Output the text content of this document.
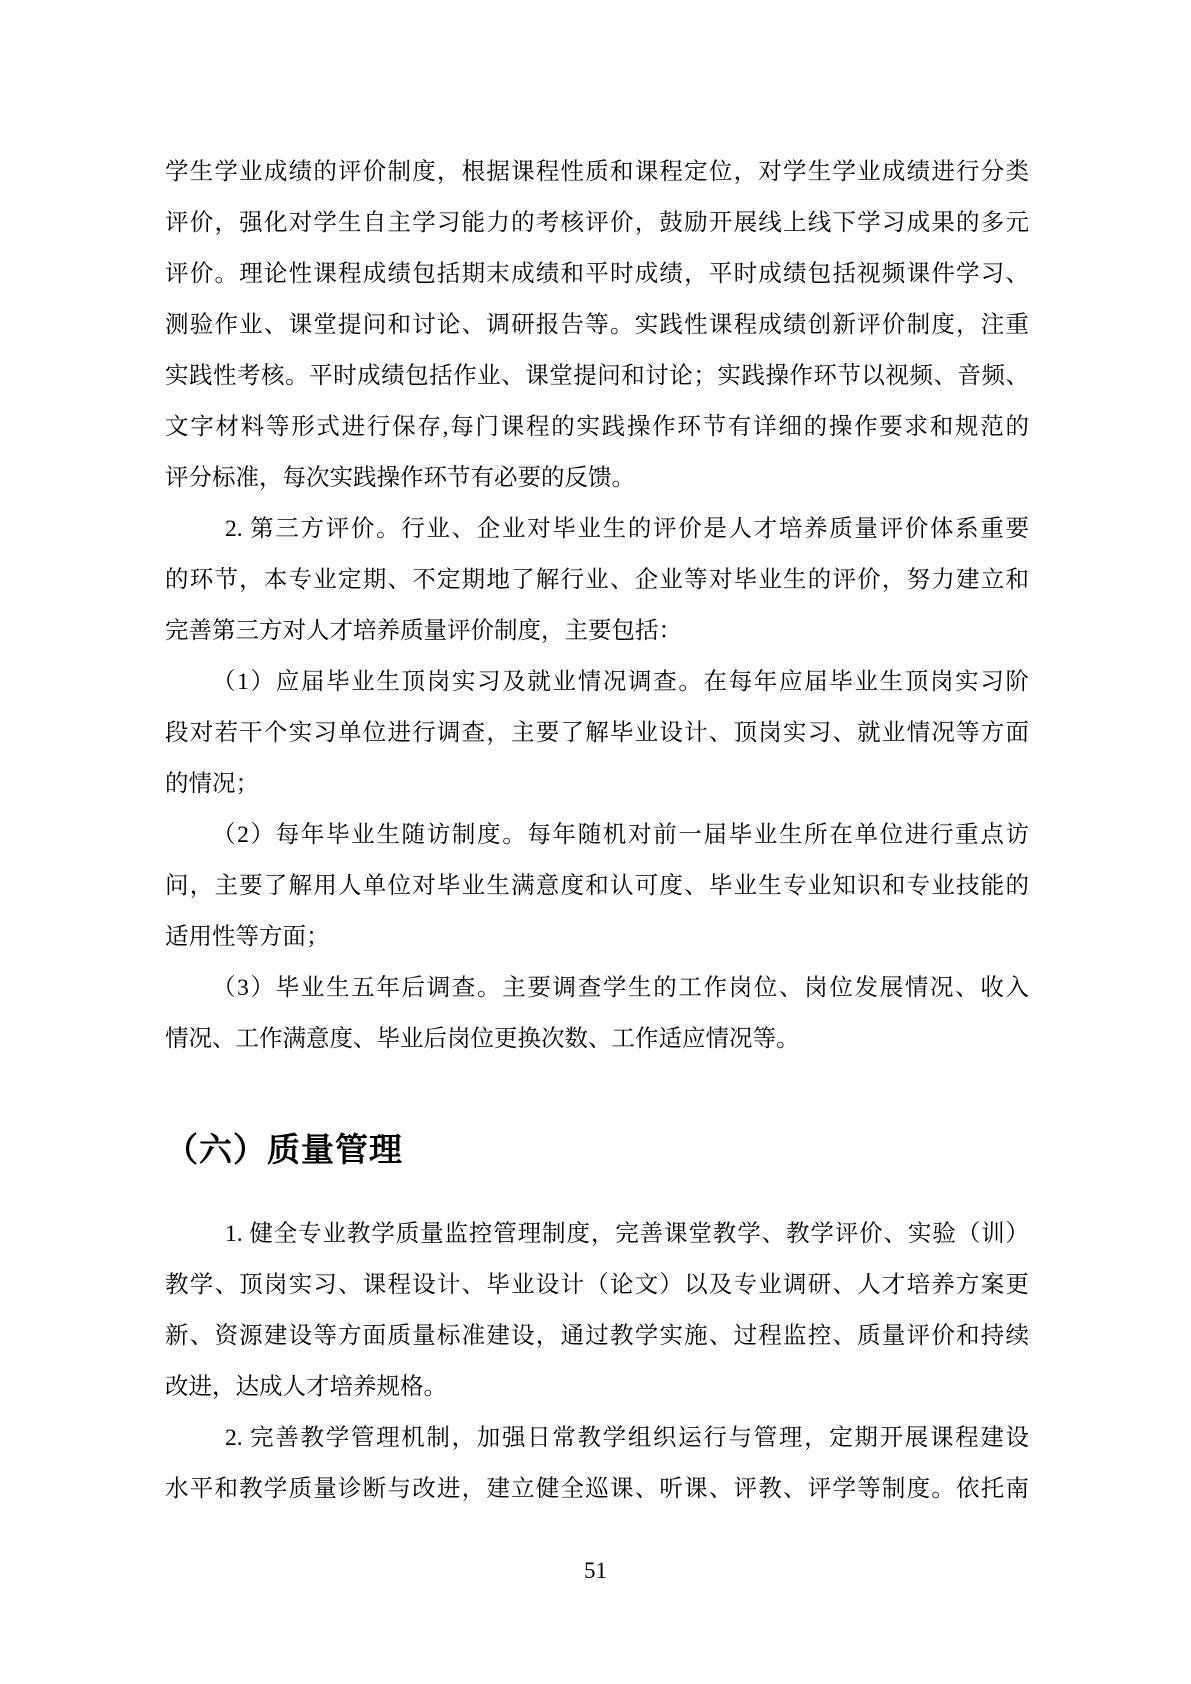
学生学业成绩的评价制度，根据课程性质和课程定位，对学生学业成绩进行分类
评价，强化对学生自主学习能力的考核评价，鼓励开展线上线下学习成果的多元
评价。理论性课程成绩包括期末成绩和平时成绩，平时成绩包括视频课件学习、
测验作业、课堂提问和讨论、调研报告等。实践性课程成绩创新评价制度，注重
实践性考核。平时成绩包括作业、课堂提问和讨论；实践操作环节以视频、音频、
文字材料等形式进行保存,每门课程的实践操作环节有详细的操作要求和规范的
评分标准，每次实践操作环节有必要的反馈。
2. 第三方评价。行业、企业对毕业生的评价是人才培养质量评价体系重要
的环节，本专业定期、不定期地了解行业、企业等对毕业生的评价，努力建立和
完善第三方对人才培养质量评价制度，主要包括：
（1）应届毕业生顶岗实习及就业情况调查。在每年应届毕业生顶岗实习阶
段对若干个实习单位进行调查，主要了解毕业设计、顶岗实习、就业情况等方面
的情况；
（2）每年毕业生随访制度。每年随机对前一届毕业生所在单位进行重点访
问，主要了解用人单位对毕业生满意度和认可度、毕业生专业知识和专业技能的
适用性等方面；
（3）毕业生五年后调查。主要调查学生的工作岗位、岗位发展情况、收入
情况、工作满意度、毕业后岗位更换次数、工作适应情况等。
（六）质量管理
1. 健全专业教学质量监控管理制度，完善课堂教学、教学评价、实验（训）
教学、顶岗实习、课程设计、毕业设计（论文）以及专业调研、人才培养方案更
新、资源建设等方面质量标准建设，通过教学实施、过程监控、质量评价和持续
改进，达成人才培养规格。
2. 完善教学管理机制，加强日常教学组织运行与管理，定期开展课程建设
水平和教学质量诊断与改进，建立健全巡课、听课、评教、评学等制度。依托南
51
